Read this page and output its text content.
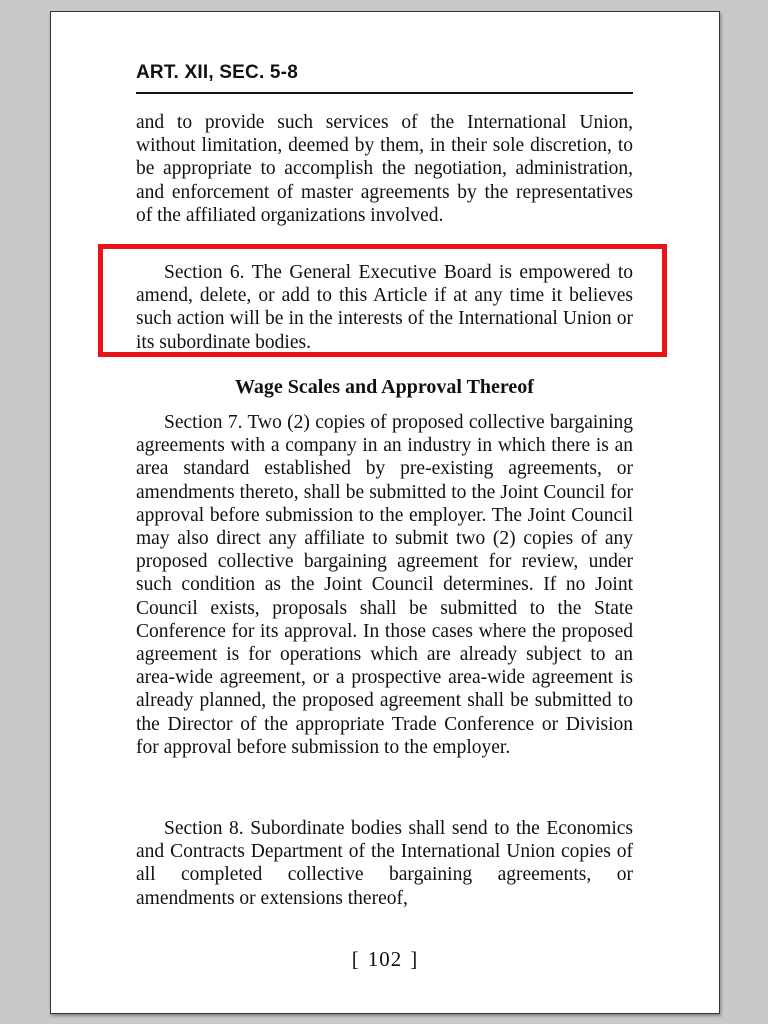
ART. XII, SEC. 5-8

and to provide such services of the International Union, without limitation, deemed by them, in their sole discretion, to be appropriate to accomplish the negotiation, administration, and enforcement of master agreements by the representatives of the affiliated organizations involved.

Section 6. The General Executive Board is empowered to amend, delete, or add to this Article if at any time it believes such action will be in the interests of the International Union or its subordinate bodies.

Wage Scales and Approval Thereof

Section 7. Two (2) copies of proposed collective bargaining agreements with a company in an industry in which there is an area standard established by pre-existing agreements, or amendments thereto, shall be submitted to the Joint Council for approval before submission to the employer. The Joint Council may also direct any affiliate to submit two (2) copies of any proposed collective bargaining agreement for review, under such condition as the Joint Council determines. If no Joint Council exists, proposals shall be submitted to the State Conference for its approval. In those cases where the proposed agreement is for operations which are already subject to an area-wide agreement, or a prospective area-wide agreement is already planned, the proposed agreement shall be submitted to the Director of the appropriate Trade Conference or Division for approval before submission to the employer.

Section 8. Subordinate bodies shall send to the Economics and Contracts Department of the International Union copies of all completed collective bargaining agreements, or amendments or extensions thereof,

[ 102 ]
